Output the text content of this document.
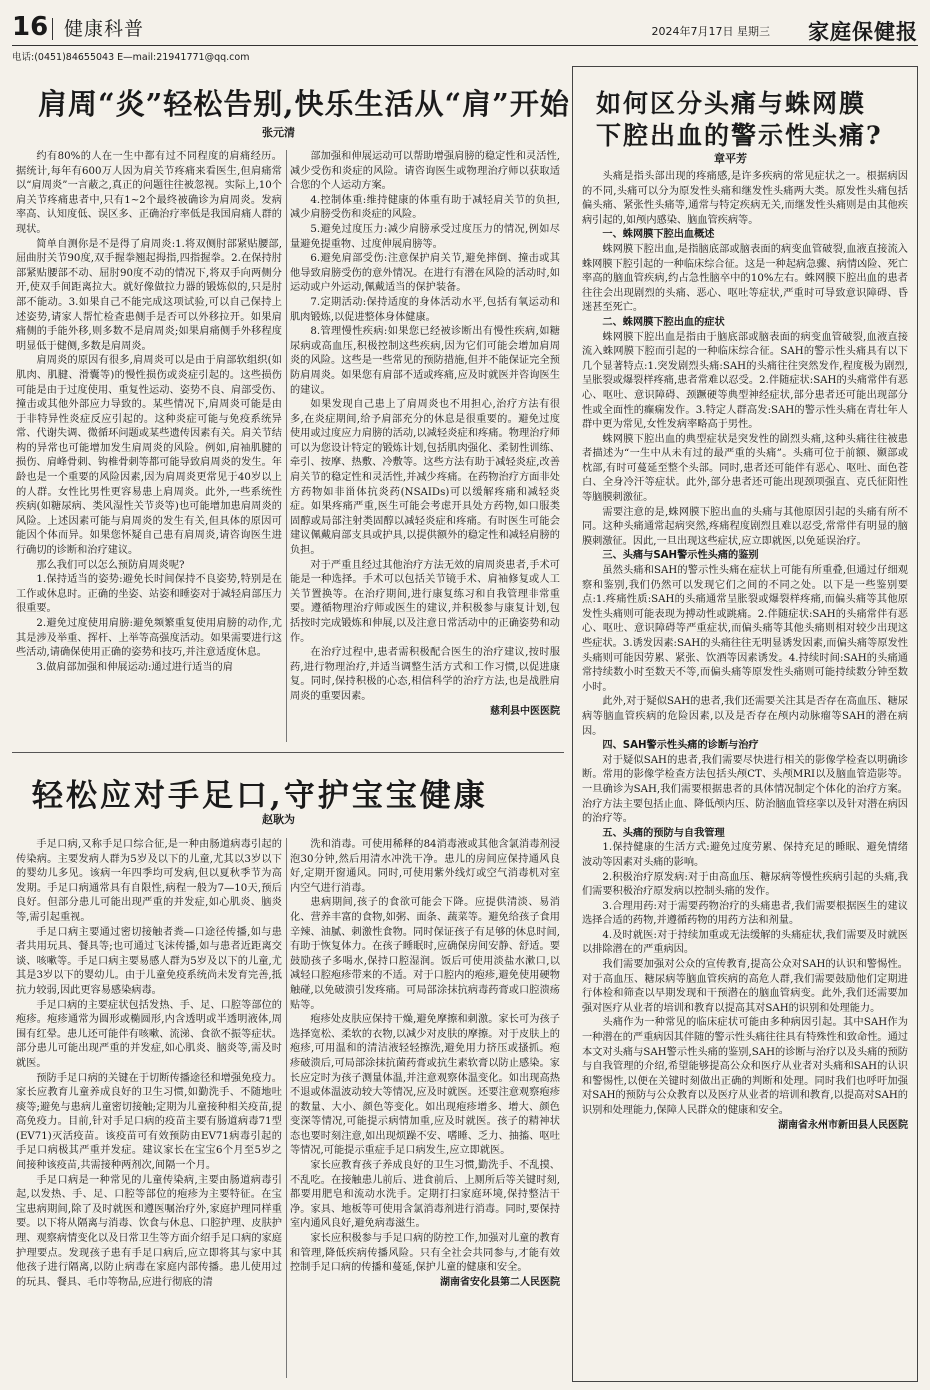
16 健康科普	2024年7月17日 星期三 家庭保健报
电话:(0451)84655043 E—mail:21941771@qq.com
肩周“炎”轻松告别,快乐生活从“肩”开始
张元清

约有80%的人在一生中都有过不同程度的肩痛经历。据统计,每年有600万人因为肩关节疼痛来看医生,但肩痛常以“肩周炎”一言蔽之,真正的问题往往被忽视。实际上,10个肩关节疼痛患者中,只有1~2个最终被确诊为肩周炎。发病率高、认知度低、误区多、正确治疗率低是我国肩痛人群的现状。

简单自测你是不是得了肩周炎:1.将双侧肘部紧贴腰部,屈曲肘关节90度,双手握拳翘起拇指,四指握拳。2.在保持肘部紧贴腰部不动、屈肘90度不动的情况下,将双手向两侧分开,使双手间距离拉大。就好像做拉力器的锻炼似的,只是肘部不能动。3.如果自己不能完成这项试验,可以自己保持上述姿势,请家人帮忙检查患侧手是否可以外移拉开。如果肩痛侧的手能外移,则多数不是肩周炎;如果肩痛侧手外移程度明显低于健侧,多数是肩周炎。

肩周炎的原因有很多,肩周炎可以是由于肩部软组织(如肌肉、肌腱、滑囊等)的慢性损伤或炎症引起的。这些损伤可能是由于过度使用、重复性运动、姿势不良、肩部受伤、撞击或其他外部应力导致的。某些情况下,肩周炎可能是由于非特异性炎症反应引起的。这种炎症可能与免疫系统异常、代谢失调、微循环问题或某些遗传因素有关。肩关节结构的异常也可能增加发生肩周炎的风险。例如,肩袖肌腱的损伤、肩峰骨刺、钩椎骨刺等都可能导致肩周炎的发生。年龄也是一个重要的风险因素,因为肩周炎更常见于40岁以上的人群。女性比男性更容易患上肩周炎。此外,一些系统性疾病(如糖尿病、类风湿性关节炎等)也可能增加患肩周炎的风险。上述因素可能与肩周炎的发生有关,但具体的原因可能因个体而异。如果您怀疑自己患有肩周炎,请咨询医生进行确切的诊断和治疗建议。

那么我们可以怎么预防肩周炎呢?

1.保持适当的姿势:避免长时间保持不良姿势,特别是在工作或休息时。正确的坐姿、站姿和睡姿对于减轻肩部压力很重要。

2.避免过度使用肩膀:避免频繁重复使用肩膀的动作,尤其是涉及举重、挥杆、上举等高强度活动。如果需要进行这些活动,请确保使用正确的姿势和技巧,并注意适度休息。

3.做肩部加强和伸展运动:通过进行适当的肩

部加强和伸展运动可以帮助增强肩膀的稳定性和灵活性,减少受伤和炎症的风险。请咨询医生或物理治疗师以获取适合您的个人运动方案。

4.控制体重:维持健康的体重有助于减轻肩关节的负担,减少肩膀受伤和炎症的风险。

5.避免过度压力:减少肩膀承受过度压力的情况,例如尽量避免提重物、过度伸展肩膀等。

6.避免肩部受伤:注意保护肩关节,避免摔倒、撞击或其他导致肩膀受伤的意外情况。在进行有潜在风险的活动时,如运动或户外运动,佩戴适当的保护装备。

7.定期活动:保持适度的身体活动水平,包括有氧运动和肌肉锻炼,以促进整体身体健康。

8.管理慢性疾病:如果您已经被诊断出有慢性疾病,如糖尿病或高血压,积极控制这些疾病,因为它们可能会增加肩周炎的风险。这些是一些常见的预防措施,但并不能保证完全预防肩周炎。如果您有肩部不适或疼痛,应及时就医并咨询医生的建议。

如果发现自己患上了肩周炎也不用担心,治疗方法有很多,在炎症期间,给予肩部充分的休息是很重要的。避免过度使用或过度应力肩膀的活动,以减轻炎症和疼痛。物理治疗师可以为您设计特定的锻炼计划,包括肌肉强化、柔韧性训练、牵引、按摩、热敷、冷敷等。这些方法有助于减轻炎症,改善肩关节的稳定性和灵活性,并减少疼痛。在药物治疗方面非处方药物如非甾体抗炎药(NSAIDs)可以缓解疼痛和减轻炎症。如果疼痛严重,医生可能会考虑开具处方药物,如口服类固醇或局部注射类固醇以减轻炎症和疼痛。有时医生可能会建议佩戴肩部支具或护具,以提供额外的稳定性和减轻肩膀的负担。

对于严重且经过其他治疗方法无效的肩周炎患者,手术可能是一种选择。手术可以包括关节镜手术、肩袖修复或人工关节置换等。在治疗期间,进行康复练习和自我管理非常重要。遵循物理治疗师或医生的建议,并积极参与康复计划,包括按时完成锻炼和伸展,以及注意日常活动中的正确姿势和动作。

在治疗过程中,患者需积极配合医生的治疗建议,按时服药,进行物理治疗,并适当调整生活方式和工作习惯,以促进康复。同时,保持积极的心态,相信科学的治疗方法,也是战胜肩周炎的重要因素。

慈利县中医医院

轻松应对手足口,守护宝宝健康
赵耿为

手足口病,又称手足口综合征,是一种由肠道病毒引起的传染病。主要发病人群为5岁及以下的儿童,尤其以3岁以下的婴幼儿多见。该病一年四季均可发病,但以夏秋季节为高发期。手足口病通常具有自限性,病程一般为7—10天,预后良好。但部分患儿可能出现严重的并发症,如心肌炎、脑炎等,需引起重视。

手足口病主要通过密切接触者粪—口途径传播,如与患者共用玩具、餐具等;也可通过飞沫传播,如与患者近距离交谈、咳嗽等。手足口病主要易感人群为5岁及以下的儿童,尤其是3岁以下的婴幼儿。由于儿童免疫系统尚未发育完善,抵抗力较弱,因此更容易感染病毒。

手足口病的主要症状包括发热、手、足、口腔等部位的疱疹。疱疹通常为圆形或椭圆形,内含透明或半透明液体,周围有红晕。患儿还可能伴有咳嗽、流涕、食欲不振等症状。部分患儿可能出现严重的并发症,如心肌炎、脑炎等,需及时就医。

预防手足口病的关键在于切断传播途径和增强免疫力。家长应教育儿童养成良好的卫生习惯,如勤洗手、不随地吐痰等;避免与患病儿童密切接触;定期为儿童接种相关疫苗,提高免疫力。目前,针对手足口病的疫苗主要有肠道病毒71型(EV71)灭活疫苗。该疫苗可有效预防由EV71病毒引起的手足口病极其严重并发症。建议家长在宝宝6个月至5岁之间接种该疫苗,共需接种两剂次,间隔一个月。

手足口病是一种常见的儿童传染病,主要由肠道病毒引起,以发热、手、足、口腔等部位的疱疹为主要特征。在宝宝患病期间,除了及时就医和遵医嘱治疗外,家庭护理同样重要。以下将从隔离与消毒、饮食与休息、口腔护理、皮肤护理、观察病情变化以及日常卫生等方面介绍手足口病的家庭护理要点。发现孩子患有手足口病后,应立即将其与家中其他孩子进行隔离,以防止病毒在家庭内部传播。患儿使用过的玩具、餐具、毛巾等物品,应进行彻底的清

洗和消毒。可使用稀释的84消毒液或其他含氯消毒剂浸泡30分钟,然后用清水冲洗干净。患儿的房间应保持通风良好,定期开窗通风。同时,可使用紫外线灯或空气消毒机对室内空气进行消毒。

患病期间,孩子的食欲可能会下降。应提供清淡、易消化、营养丰富的食物,如粥、面条、蔬菜等。避免给孩子食用辛辣、油腻、刺激性食物。同时保证孩子有足够的休息时间,有助于恢复体力。在孩子睡眠时,应确保房间安静、舒适。要鼓励孩子多喝水,保持口腔湿润。饭后可使用淡盐水漱口,以减轻口腔疱疹带来的不适。对于口腔内的疱疹,避免使用硬物触碰,以免破溃引发疼痛。可局部涂抹抗病毒药膏或口腔溃疡贴等。

疱疹处皮肤应保持干燥,避免摩擦和刺激。家长可为孩子选择宽松、柔软的衣物,以减少对皮肤的摩擦。对于皮肤上的疱疹,可用温和的清洁液轻轻擦洗,避免用力挤压或搔抓。疱疹破溃后,可局部涂抹抗菌药膏或抗生素软膏以防止感染。家长应定时为孩子测量体温,并注意观察体温变化。如出现高热不退或体温波动较大等情况,应及时就医。还要注意观察疱疹的数量、大小、颜色等变化。如出现疱疹增多、增大、颜色变深等情况,可能提示病情加重,应及时就医。孩子的精神状态也要时刻注意,如出现烦躁不安、嗜睡、乏力、抽搐、呕吐等情况,可能提示重症手足口病发生,应立即就医。

家长应教育孩子养成良好的卫生习惯,勤洗手、不乱摸、不乱吃。在接触患儿前后、进食前后、上厕所后等关键时刻,都要用肥皂和流动水洗手。定期打扫家庭环境,保持整洁干净。家具、地板等可使用含氯消毒剂进行消毒。同时,要保持室内通风良好,避免病毒滋生。

家长应积极参与手足口病的防控工作,加强对儿童的教育和管理,降低疾病传播风险。只有全社会共同参与,才能有效控制手足口病的传播和蔓延,保护儿童的健康和安全。

湖南省安化县第二人民医院

如何区分头痛与蛛网膜
下腔出血的警示性头痛?
章平芳

头痛是指头部出现的疼痛感,是许多疾病的常见症状之一。根据病因的不同,头痛可以分为原发性头痛和继发性头痛两大类。原发性头痛包括偏头痛、紧张性头痛等,通常与特定疾病无关,而继发性头痛则是由其他疾病引起的,如颅内感染、脑血管疾病等。

一、蛛网膜下腔出血概述

蛛网膜下腔出血,是指脑底部或脑表面的病变血管破裂,血液直接流入蛛网膜下腔引起的一种临床综合征。这是一种起病急骤、病情凶险、死亡率高的脑血管疾病,约占急性脑卒中的10%左右。蛛网膜下腔出血的患者往往会出现剧烈的头痛、恶心、呕吐等症状,严重时可导致意识障碍、昏迷甚至死亡。

二、蛛网膜下腔出血的症状

蛛网膜下腔出血是指由于脑底部或脑表面的病变血管破裂,血液直接流入蛛网膜下腔而引起的一种临床综合征。SAH的警示性头痛具有以下几个显著特点:1.突发剧烈头痛:SAH的头痛往往突然发作,程度极为剧烈,呈胀裂或爆裂样疼痛,患者常难以忍受。2.伴随症状:SAH的头痛常伴有恶心、呕吐、意识障碍、颈蹶硬等典型神经症状,部分患者还可能出现部分性或全面性的癫痫发作。3.特定人群高发:SAH的警示性头痛在青壮年人群中更为常见,女性发病率略高于男性。

蛛网膜下腔出血的典型症状是突发性的剧烈头痛,这种头痛往往被患者描述为“一生中从未有过的最严重的头痛”。头痛可位于前额、颞部或枕部,有时可蔓延至整个头部。同时,患者还可能伴有恶心、呕吐、面色苍白、全身冷汗等症状。此外,部分患者还可能出现颈项强直、克氏征阳性等脑膜刺激征。

需要注意的是,蛛网膜下腔出血的头痛与其他原因引起的头痛有所不同。这种头痛通常起病突然,疼痛程度剧烈且难以忍受,常常伴有明显的脑膜刺激征。因此,一旦出现这些症状,应立即就医,以免延误治疗。

三、头痛与SAH警示性头痛的鉴别

虽然头痛和SAH的警示性头痛在症状上可能有所重叠,但通过仔细观察和鉴别,我们仍然可以发现它们之间的不同之处。以下是一些鉴别要点:1.疼痛性质:SAH的头痛通常呈胀裂或爆裂样疼痛,而偏头痛等其他原发性头痛则可能表现为搏动性或跳痛。2.伴随症状:SAH的头痛常伴有恶心、呕吐、意识障碍等严重症状,而偏头痛等其他头痛则相对较少出现这些症状。3.诱发因素:SAH的头痛往往无明显诱发因素,而偏头痛等原发性头痛则可能因劳累、紧张、饮酒等因素诱发。4.持续时间:SAH的头痛通常持续数小时至数天不等,而偏头痛等原发性头痛则可能持续数分钟至数小时。

此外,对于疑似SAH的患者,我们还需要关注其是否存在高血压、糖尿病等脑血管疾病的危险因素,以及是否存在颅内动脉瘤等SAH的潜在病因。

四、SAH警示性头痛的诊断与治疗

对于疑似SAH的患者,我们需要尽快进行相关的影像学检查以明确诊断。常用的影像学检查方法包括头颅CT、头颅MRI以及脑血管造影等。一旦确诊为SAH,我们需要根据患者的具体情况制定个体化的治疗方案。治疗方法主要包括止血、降低颅内压、防治脑血管痉挛以及针对潜在病因的治疗等。

五、头痛的预防与自我管理

1.保持健康的生活方式:避免过度劳累、保持充足的睡眠、避免情绪波动等因素对头痛的影响。

2.积极治疗原发病:对于由高血压、糖尿病等慢性疾病引起的头痛,我们需要积极治疗原发病以控制头痛的发作。

3.合理用药:对于需要药物治疗的头痛患者,我们需要根据医生的建议选择合适的药物,并遵循药物的用药方法和剂量。

4.及时就医:对于持续加重或无法缓解的头痛症状,我们需要及时就医以排除潜在的严重病因。

我们需要加强对公众的宣传教育,提高公众对SAH的认识和警惕性。对于高血压、糖尿病等脑血管疾病的高危人群,我们需要鼓励他们定期进行体检和筛查以早期发现和干预潜在的脑血管病变。此外,我们还需要加强对医疗从业者的培训和教育以提高其对SAH的识别和处理能力。

头痛作为一种常见的临床症状可能由多种病因引起。其中SAH作为一种潜在的严重病因其伴随的警示性头痛往往具有特殊性和致命性。通过本文对头痛与SAH警示性头痛的鉴别,SAH的诊断与治疗以及头痛的预防与自我管理的介绍,希望能够提高公众和医疗从业者对头痛和SAH的认识和警惕性,以便在关键时刻做出正确的判断和处理。同时我们也呼吁加强对SAH的预防与公众教育以及医疗从业者的培训和教育,以提高对SAH的识别和处理能力,保障人民群众的健康和安全。

湖南省永州市新田县人民医院
